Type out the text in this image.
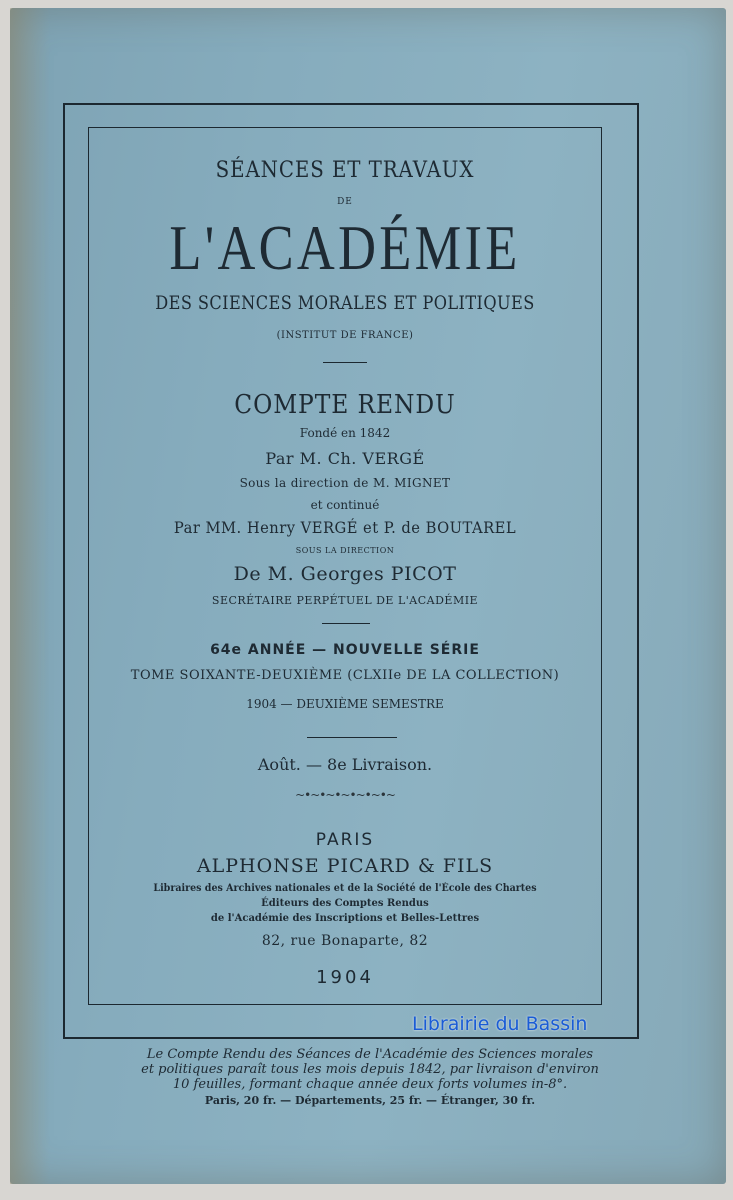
SÉANCES ET TRAVAUX
DE
L'ACADÉMIE
DES SCIENCES MORALES ET POLITIQUES
(INSTITUT DE FRANCE)
COMPTE RENDU
Fondé en 1842
Par M. Ch. VERGÉ
Sous la direction de M. MIGNET
et continué
Par MM. Henry VERGÉ et P. de BOUTAREL
SOUS LA DIRECTION
De M. Georges PICOT
SECRÉTAIRE PERPÉTUEL DE L'ACADÉMIE
64e ANNÉE — NOUVELLE SÉRIE
TOME SOIXANTE-DEUXIÈME (CLXIIe DE LA COLLECTION)
1904 — DEUXIÈME SEMESTRE
Août. — 8e Livraison.
~•~•~•~•~•~•~
PARIS
ALPHONSE PICARD & FILS
Libraires des Archives nationales et de la Société de l'École des Chartes
Éditeurs des Comptes Rendus
de l'Académie des Inscriptions et Belles-Lettres
82, rue Bonaparte, 82
1904
Librairie du Bassin
Le Compte Rendu des Séances de l'Académie des Sciences morales
et politiques paraît tous les mois depuis 1842, par livraison d'environ
10 feuilles, formant chaque année deux forts volumes in-8°.
Paris, 20 fr. — Départements, 25 fr. — Étranger, 30 fr.
